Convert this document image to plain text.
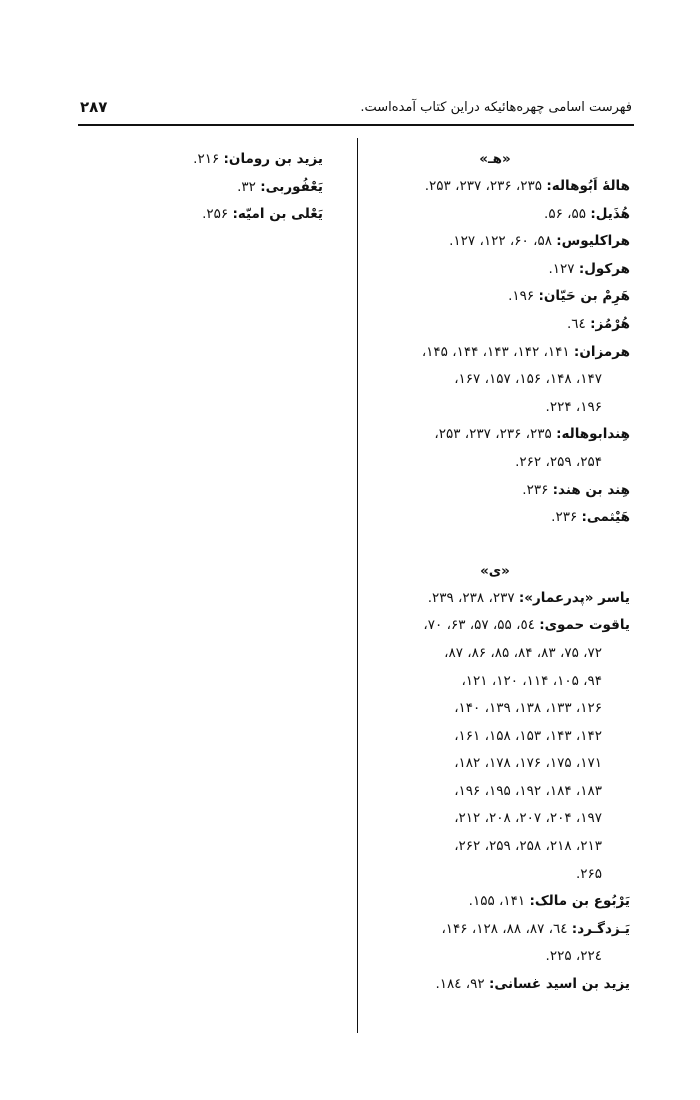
فهرست اسامی چهره‌هائیکه دراین کتاب آمده‌است.
۲۸۷
«هـ»
هالهٔ اَبُوهاله: ۲۳۵، ۲۳۶، ۲۳۷، ۲۵۳.
هُذَیل: ۵۵، ۵۶.
هراکلیوس: ۵۸، ۶۰، ۱۲۲، ۱۲۷.
هرکول: ۱۲۷.
هَرِمْ بن حَیّان: ۱۹۶.
هُرْمُز: ٦٤.
هرمزان: ۱۴۱، ۱۴۲، ۱۴۳، ۱۴۴، ۱۴۵،
۱۴۷، ۱۴۸، ۱۵۶، ۱۵۷، ۱۶۷،
۱۹۶، ۲۲۴.
هِندابوهاله: ۲۳۵، ۲۳۶، ۲۳۷، ۲۵۳،
۲۵۴، ۲۵۹، ۲۶۲.
هِند بن هند: ۲۳۶.
هَیْثمی: ۲۳۶.
«ی»
یاسر «پدرعمار»: ۲۳۷، ۲۳۸، ۲۳۹.
یاقوت حموی: ٥٤، ۵۵، ۵۷، ۶۳، ۷۰،
۷۲، ۷۵، ۸۳، ۸۴، ۸۵، ۸۶، ۸۷،
۹۴، ۱۰۵، ۱۱۴، ۱۲۰، ۱۲۱،
۱۲۶، ۱۳۳، ۱۳۸، ۱۳۹، ۱۴۰،
۱۴۲، ۱۴۳، ۱۵۳، ۱۵۸، ۱۶۱،
۱۷۱، ۱۷۵، ۱۷۶، ۱۷۸، ۱۸۲،
۱۸۳، ۱۸۴، ۱۹۲، ۱۹۵، ۱۹۶،
۱۹۷، ۲۰۴، ۲۰۷، ۲۰۸، ۲۱۲،
۲۱۳، ۲۱۸، ۲۵۸، ۲۵۹، ۲۶۲،
۲۶۵.
یَرْبُوع بن مالک: ۱۴۱، ۱۵۵.
یَـزدگـرد: ٦٤، ۸۷، ۸۸، ۱۲۸، ۱۴۶،
۲۲٤، ۲۲۵.
یزید بن اسید غسانی: ۹۲، ۱۸٤.
یزید بن رومان: ۲۱۶.
یَعْفُوربی: ۳۲.
یَعْلی بن امیّه: ۲۵۶.
